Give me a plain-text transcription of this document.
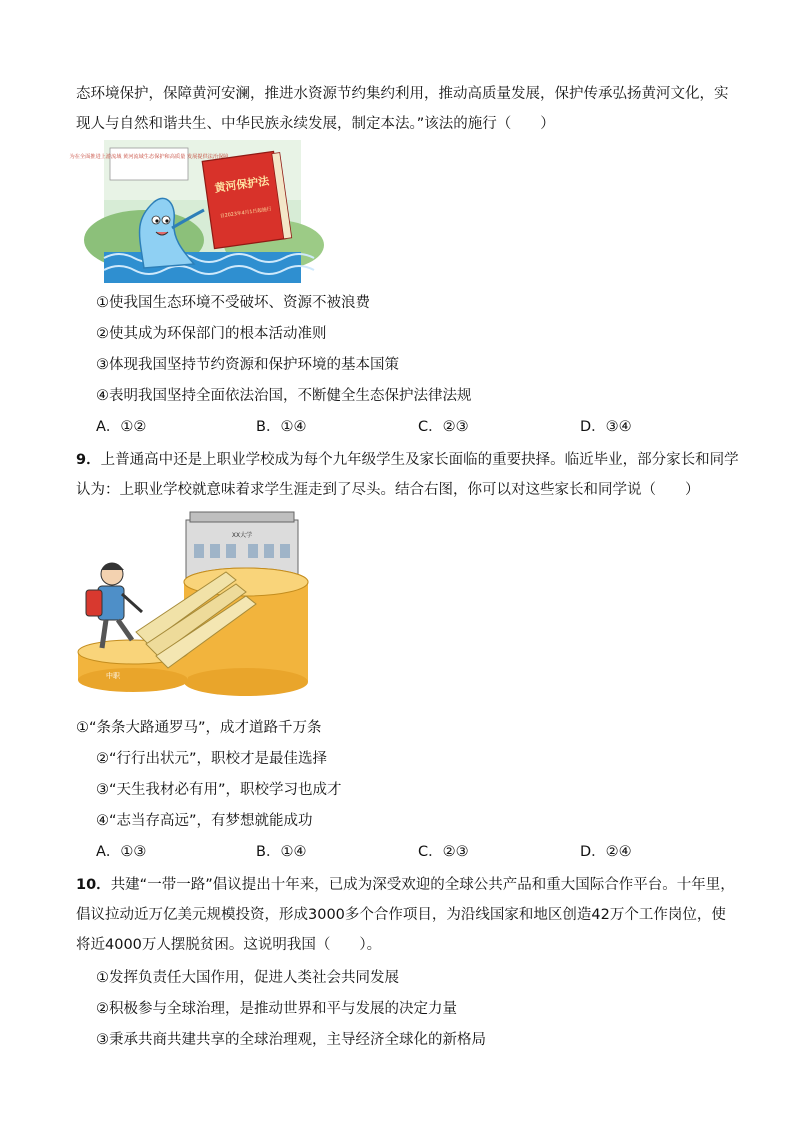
态环境保护，保障黄河安澜，推进水资源节约集约利用，推动高质量发展，保护传承弘扬黄河文化，实
现人与自然和谐共生、中华民族永续发展，制定本法。”该法的施行（　　）
为在全面推进上游流域 黄河流域生态保护和高质量 发展提供法治保障
黄河保护法
自2023年4月1日起施行
①使我国生态环境不受破坏、资源不被浪费
②使其成为环保部门的根本活动准则
③体现我国坚持节约资源和保护环境的基本国策
④表明我国坚持全面依法治国，不断健全生态保护法律法规
A．①②	B．①④	C．②③	D．③④
9．上普通高中还是上职业学校成为每个九年级学生及家长面临的重要抉择。临近毕业，部分家长和同学
认为：上职业学校就意味着求学生涯走到了尽头。结合右图，你可以对这些家长和同学说（　　）
XX大学
中职
①“条条大路通罗马”，成才道路千万条
②“行行出状元”，职校才是最佳选择
③“天生我材必有用”，职校学习也成才
④“志当存高远”，有梦想就能成功
A．①③	B．①④	C．②③	D．②④
10．共建“一带一路”倡议提出十年来，已成为深受欢迎的全球公共产品和重大国际合作平台。十年里，
倡议拉动近万亿美元规模投资，形成3000多个合作项目，为沿线国家和地区创造42万个工作岗位，使
将近4000万人摆脱贫困。这说明我国（　　）。
①发挥负责任大国作用，促进人类社会共同发展
②积极参与全球治理，是推动世界和平与发展的决定力量
③秉承共商共建共享的全球治理观，主导经济全球化的新格局
